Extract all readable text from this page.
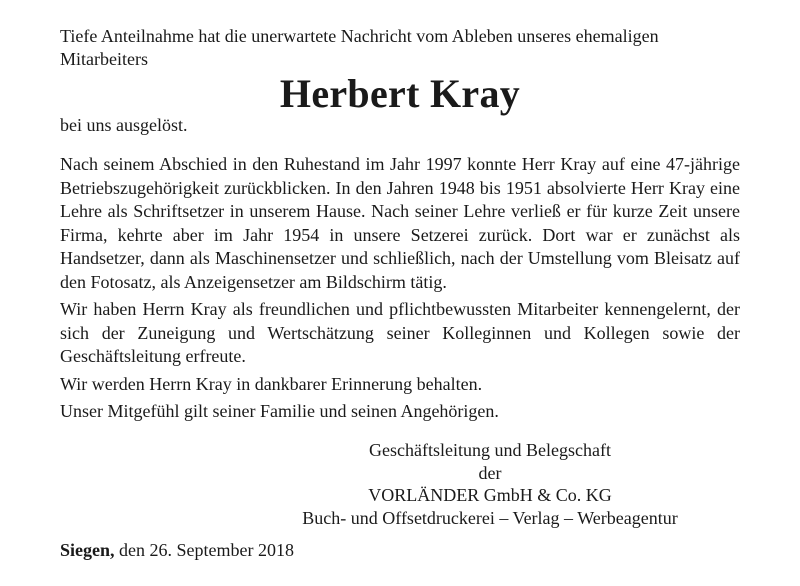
Tiefe Anteilnahme hat die unerwartete Nachricht vom Ableben unseres ehemaligen Mitarbeiters

Herbert Kray

bei uns ausgelöst.

Nach seinem Abschied in den Ruhestand im Jahr 1997 konnte Herr Kray auf eine 47-jährige Betriebszugehörigkeit zurückblicken. In den Jahren 1948 bis 1951 absolvierte Herr Kray eine Lehre als Schriftsetzer in unserem Hause. Nach seiner Lehre verließ er für kurze Zeit unsere Firma, kehrte aber im Jahr 1954 in unsere Setzerei zurück. Dort war er zunächst als Handsetzer, dann als Maschinensetzer und schließlich, nach der Umstellung vom Bleisatz auf den Fotosatz, als Anzeigensetzer am Bildschirm tätig.

Wir haben Herrn Kray als freundlichen und pflichtbewussten Mitarbeiter kennengelernt, der sich der Zuneigung und Wertschätzung seiner Kolleginnen und Kollegen sowie der Geschäftsleitung erfreute.

Wir werden Herrn Kray in dankbarer Erinnerung behalten.

Unser Mitgefühl gilt seiner Familie und seinen Angehörigen.

Geschäftsleitung und Belegschaft
der
VORLÄNDER GmbH & Co. KG
Buch- und Offsetdruckerei – Verlag – Werbeagentur
Siegen, den 26. September 2018
